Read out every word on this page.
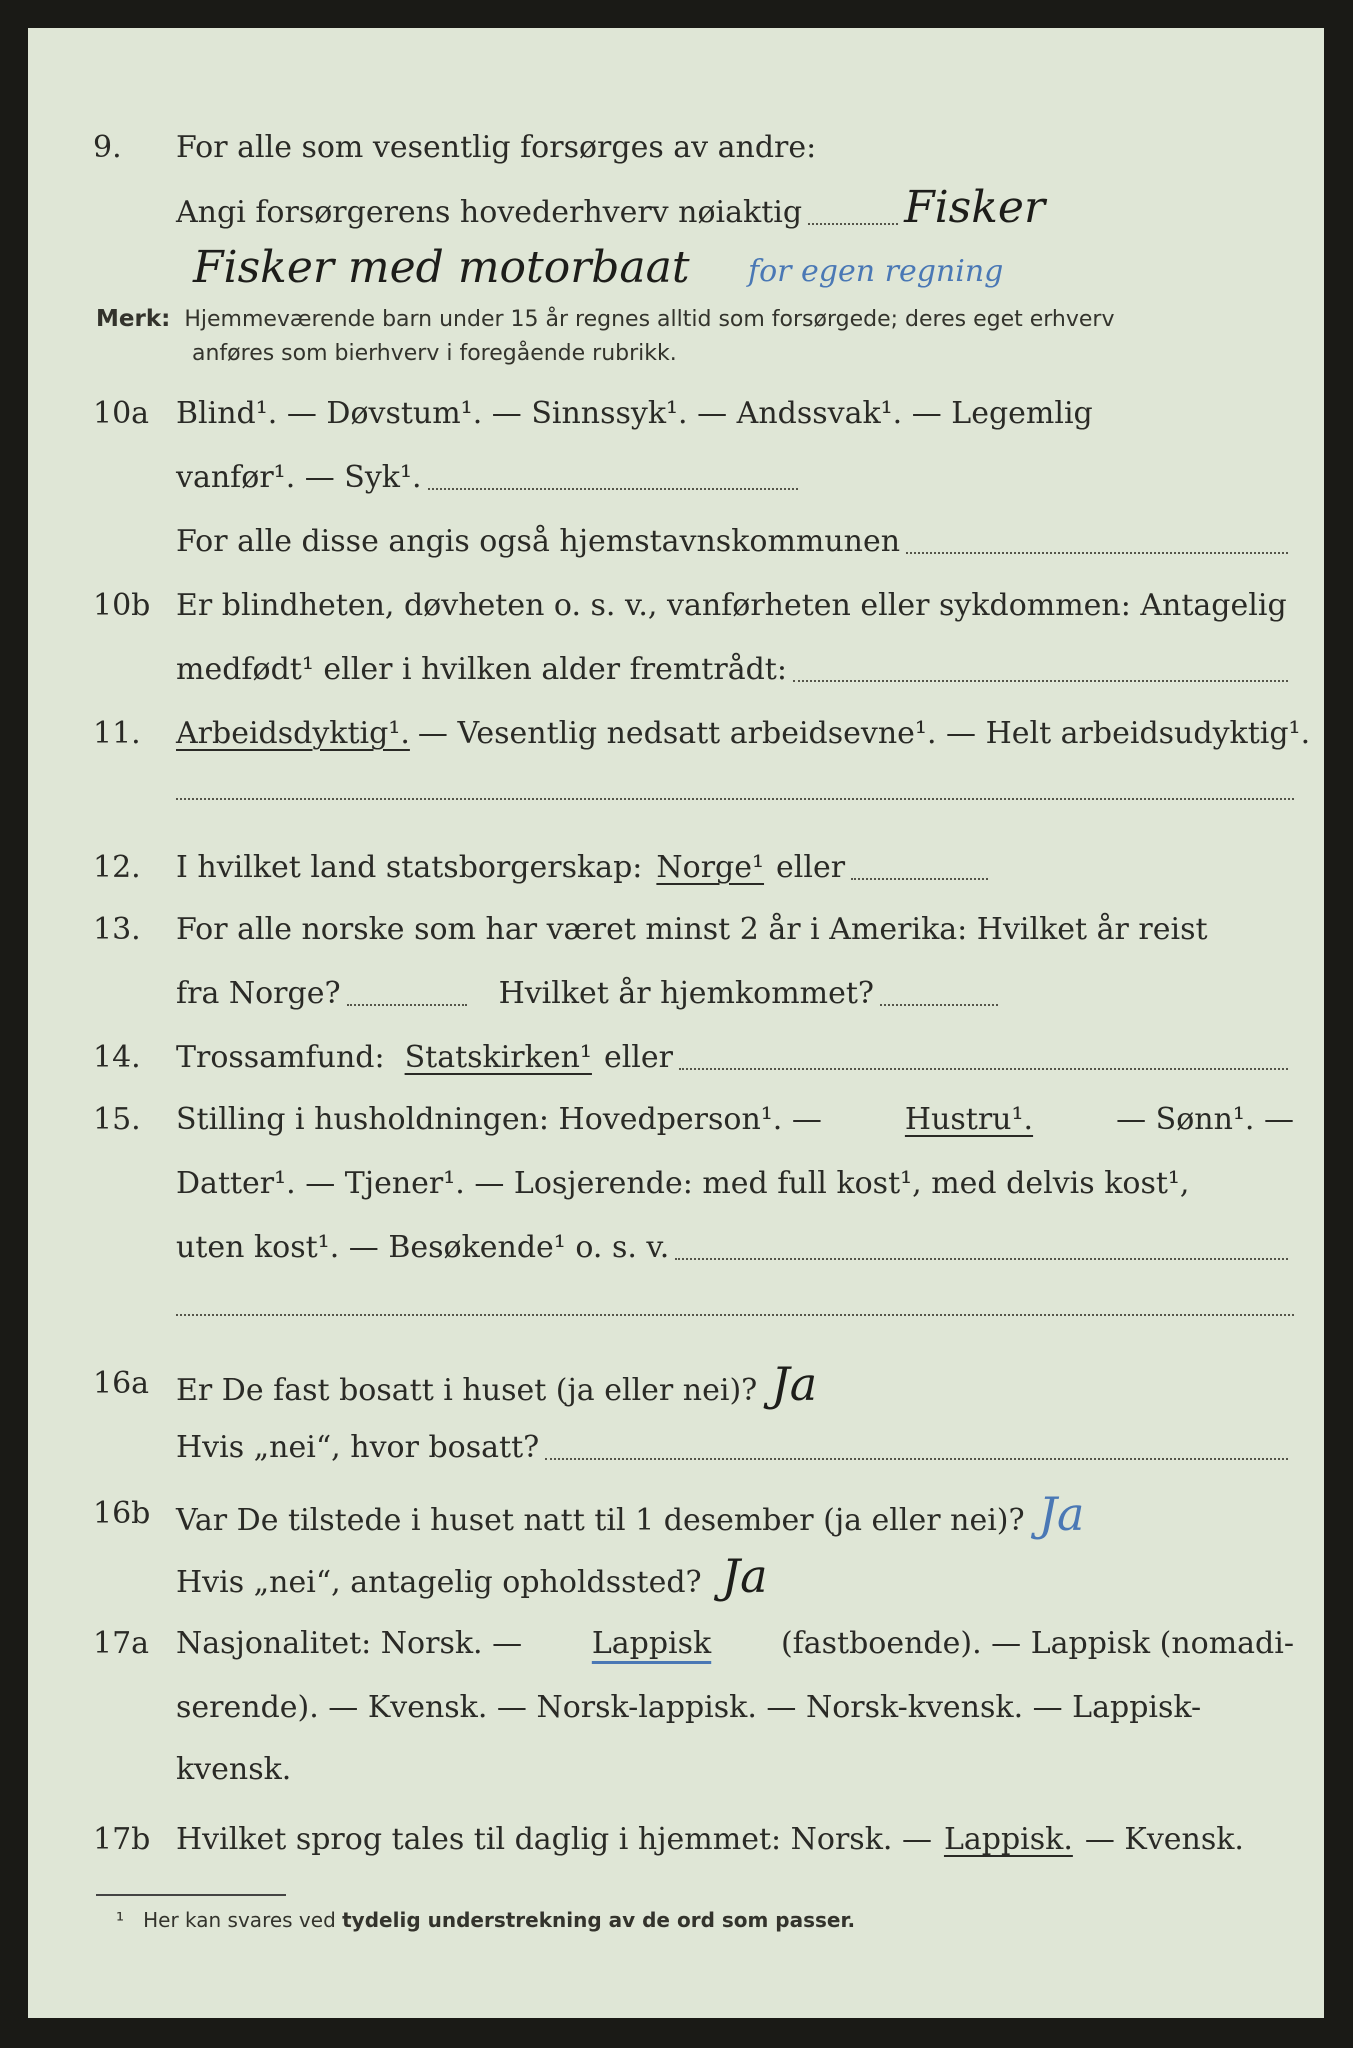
9.	For alle som vesentlig forsørges av andre:
Angi forsørgerens hovederhverv nøiaktig Fisker
Fisker med motorbaat for egen regning
Merk: Hjemmeværende barn under 15 år regnes alltid som forsørgede; deres eget erhverv
anføres som bierhverv i foregående rubrikk.
10a Blind¹. — Døvstum¹. — Sinnssyk¹. — Andssvak¹. — Legemlig
vanfør¹. — Syk¹.
For alle disse angis også hjemstavnskommunen
10b Er blindheten, døvheten o. s. v., vanførheten eller sykdommen: Antagelig
medfødt¹ eller i hvilken alder fremtrådt:
11.	Arbeidsdyktig¹. — Vesentlig nedsatt arbeidsevne¹. — Helt arbeidsudyktig¹.
12.	I hvilket land statsborgerskap: Norge¹ eller
13.	For alle norske som har været minst 2 år i Amerika: Hvilket år reist
fra Norge?	Hvilket år hjemkommet?
14.	Trossamfund: Statskirken¹ eller
15.	Stilling i husholdningen: Hovedperson¹. —	Hustru¹.	— Sønn¹. —
Datter¹. — Tjener¹. — Losjerende: med full kost¹, med delvis kost¹,
uten kost¹. — Besøkende¹ o. s. v.
16a Er De fast bosatt i huset (ja eller nei)? Ja
Hvis „nei“, hvor bosatt?
16b Var De tilstede i huset natt til 1 desember (ja eller nei)? Ja
Hvis „nei“, antagelig opholdssted? Ja
17a Nasjonalitet: Norsk. — Lappisk (fastboende). — Lappisk (nomadi-
serende). — Kvensk. — Norsk-lappisk. — Norsk-kvensk. — Lappisk-
kvensk.
17b Hvilket sprog tales til daglig i hjemmet: Norsk. — Lappisk. — Kvensk.
¹ Her kan svares ved tydelig understrekning av de ord som passer.
